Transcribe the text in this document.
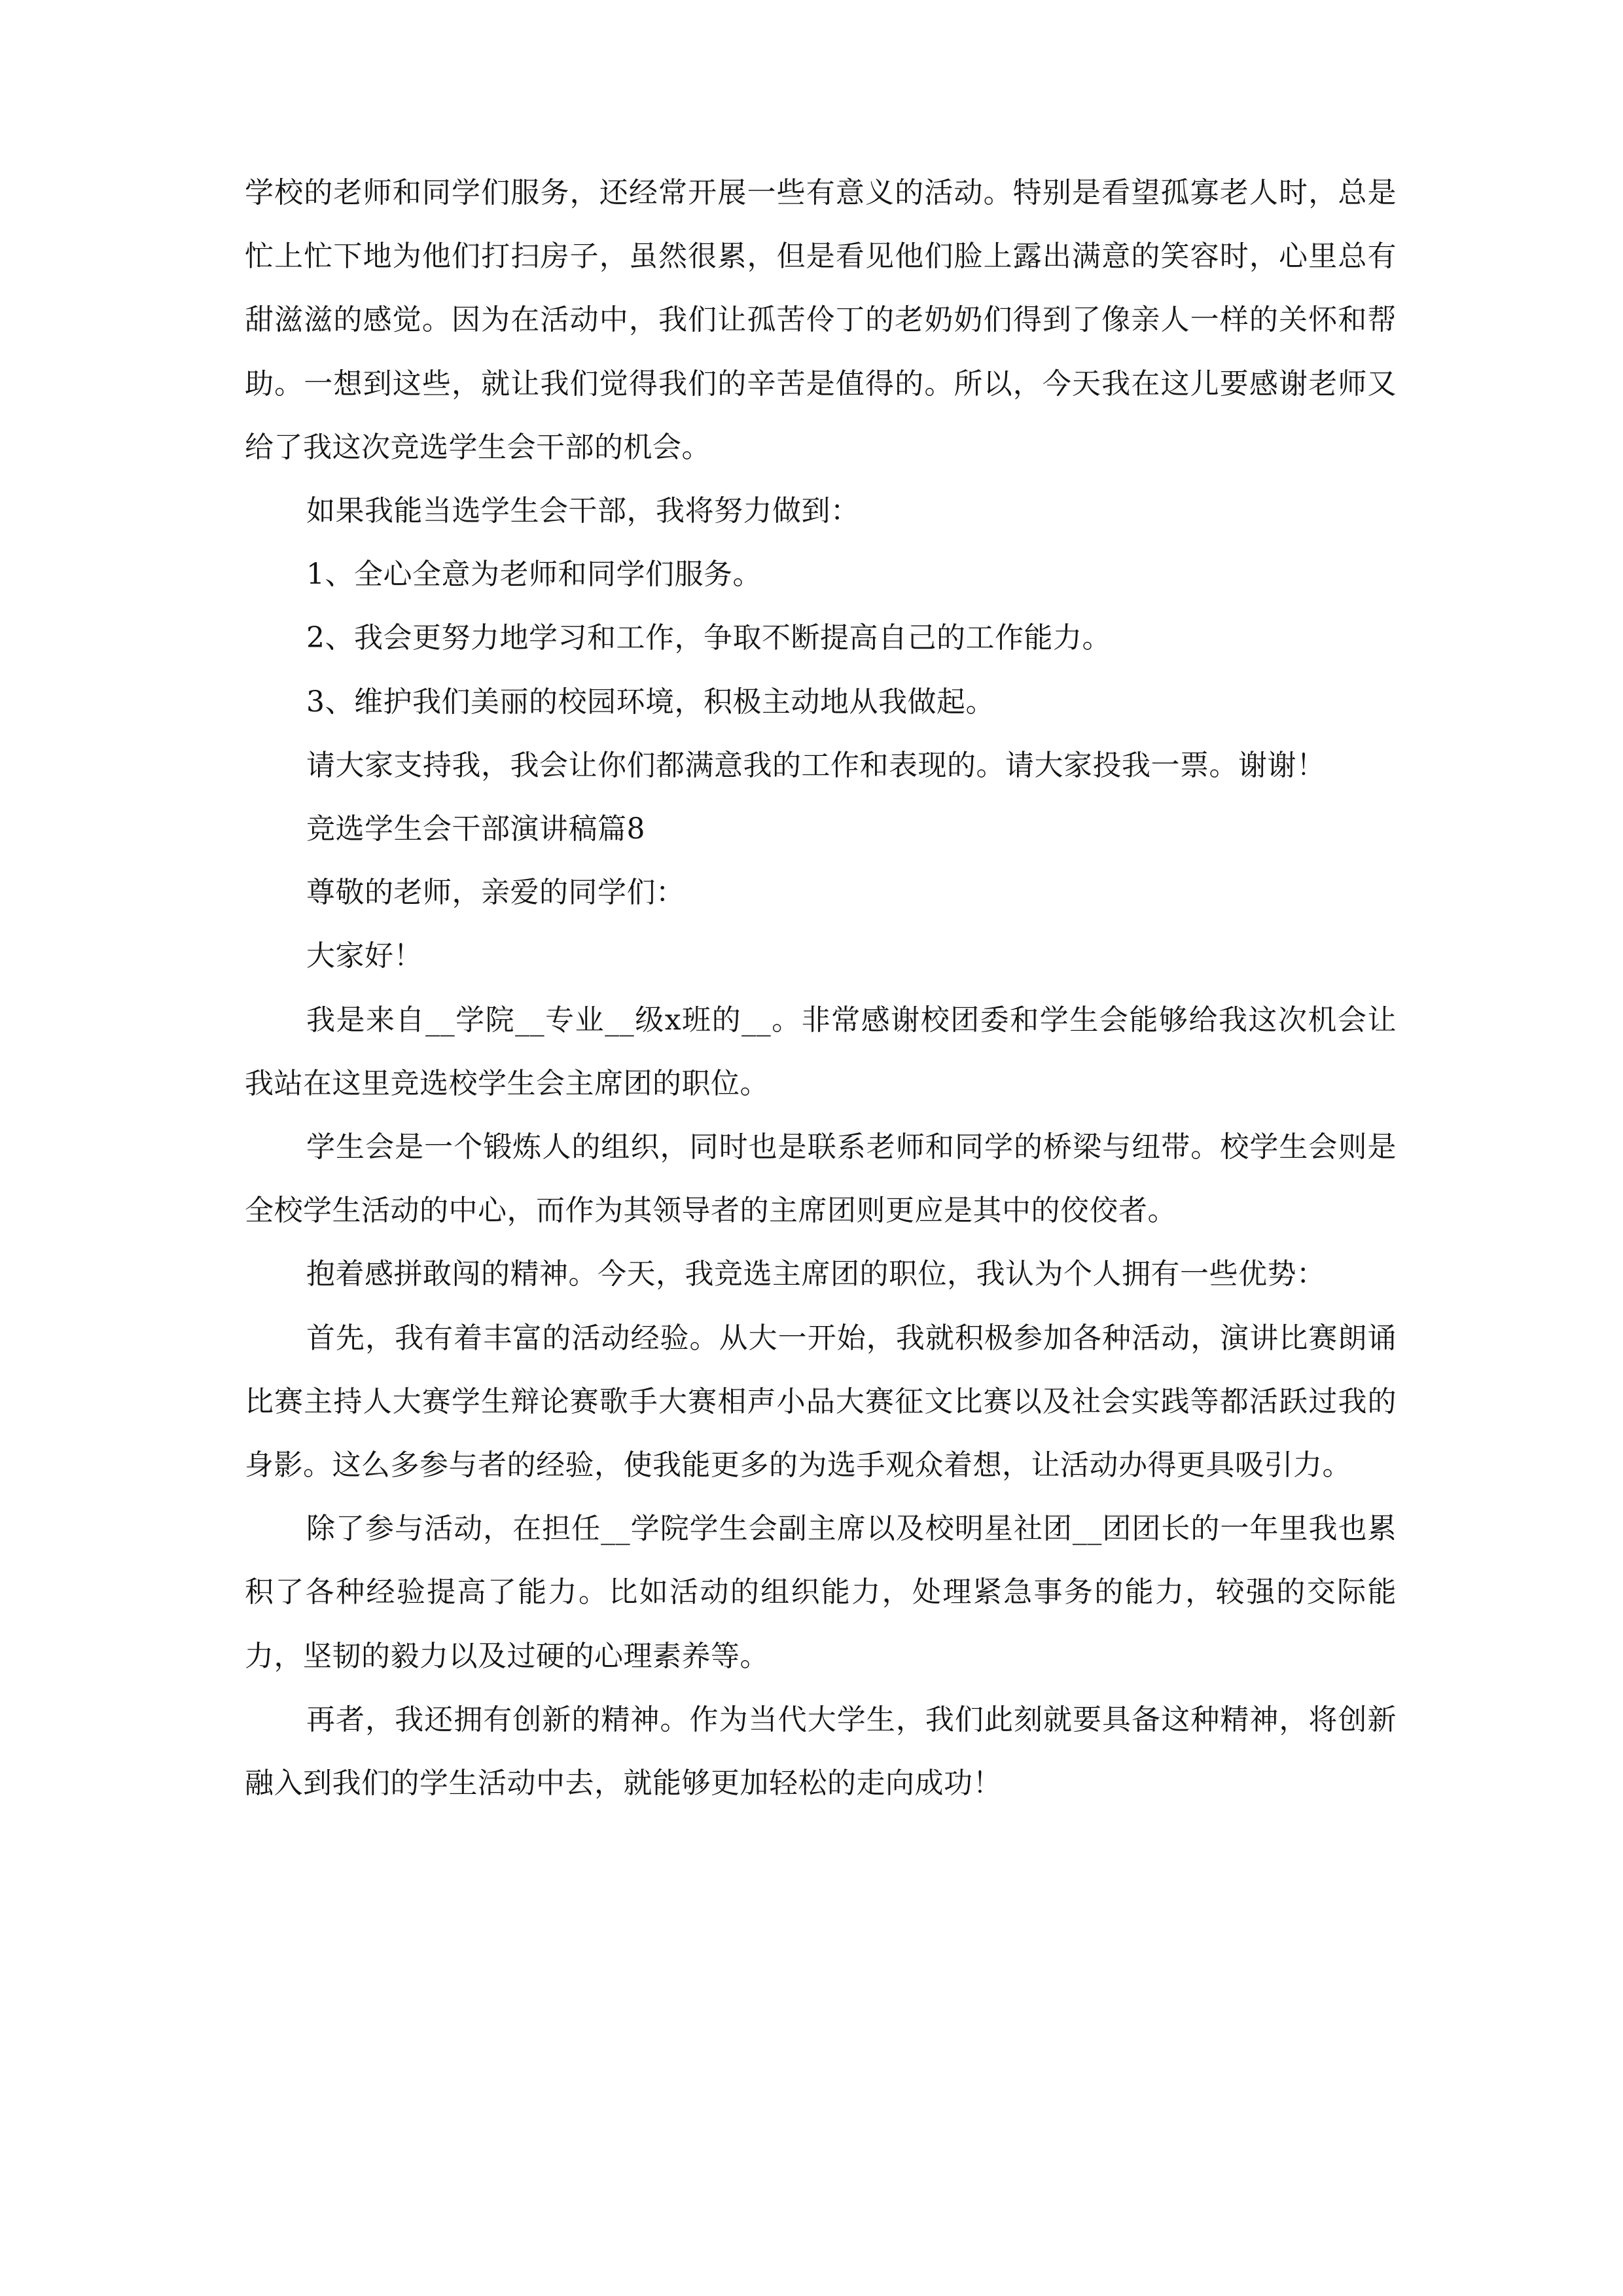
学校的老师和同学们服务，还经常开展一些有意义的活动。特别是看望孤寡老人时，总是忙上忙下地为他们打扫房子，虽然很累，但是看见他们脸上露出满意的笑容时，心里总有甜滋滋的感觉。因为在活动中，我们让孤苦伶丁的老奶奶们得到了像亲人一样的关怀和帮助。一想到这些，就让我们觉得我们的辛苦是值得的。所以，今天我在这儿要感谢老师又给了我这次竞选学生会干部的机会。

如果我能当选学生会干部，我将努力做到：

1、全心全意为老师和同学们服务。

2、我会更努力地学习和工作，争取不断提高自己的工作能力。

3、维护我们美丽的校园环境，积极主动地从我做起。

请大家支持我，我会让你们都满意我的工作和表现的。请大家投我一票。谢谢！

竞选学生会干部演讲稿篇8

尊敬的老师，亲爱的同学们：

大家好！

我是来自__学院__专业__级x班的__。非常感谢校团委和学生会能够给我这次机会让我站在这里竞选校学生会主席团的职位。

学生会是一个锻炼人的组织，同时也是联系老师和同学的桥梁与纽带。校学生会则是全校学生活动的中心，而作为其领导者的主席团则更应是其中的佼佼者。

抱着感拼敢闯的精神。今天，我竞选主席团的职位，我认为个人拥有一些优势：

首先，我有着丰富的活动经验。从大一开始，我就积极参加各种活动，演讲比赛朗诵比赛主持人大赛学生辩论赛歌手大赛相声小品大赛征文比赛以及社会实践等都活跃过我的身影。这么多参与者的经验，使我能更多的为选手观众着想，让活动办得更具吸引力。

除了参与活动，在担任__学院学生会副主席以及校明星社团__团团长的一年里我也累积了各种经验提高了能力。比如活动的组织能力，处理紧急事务的能力，较强的交际能力，坚韧的毅力以及过硬的心理素养等。

再者，我还拥有创新的精神。作为当代大学生，我们此刻就要具备这种精神，将创新融入到我们的学生活动中去，就能够更加轻松的走向成功！
